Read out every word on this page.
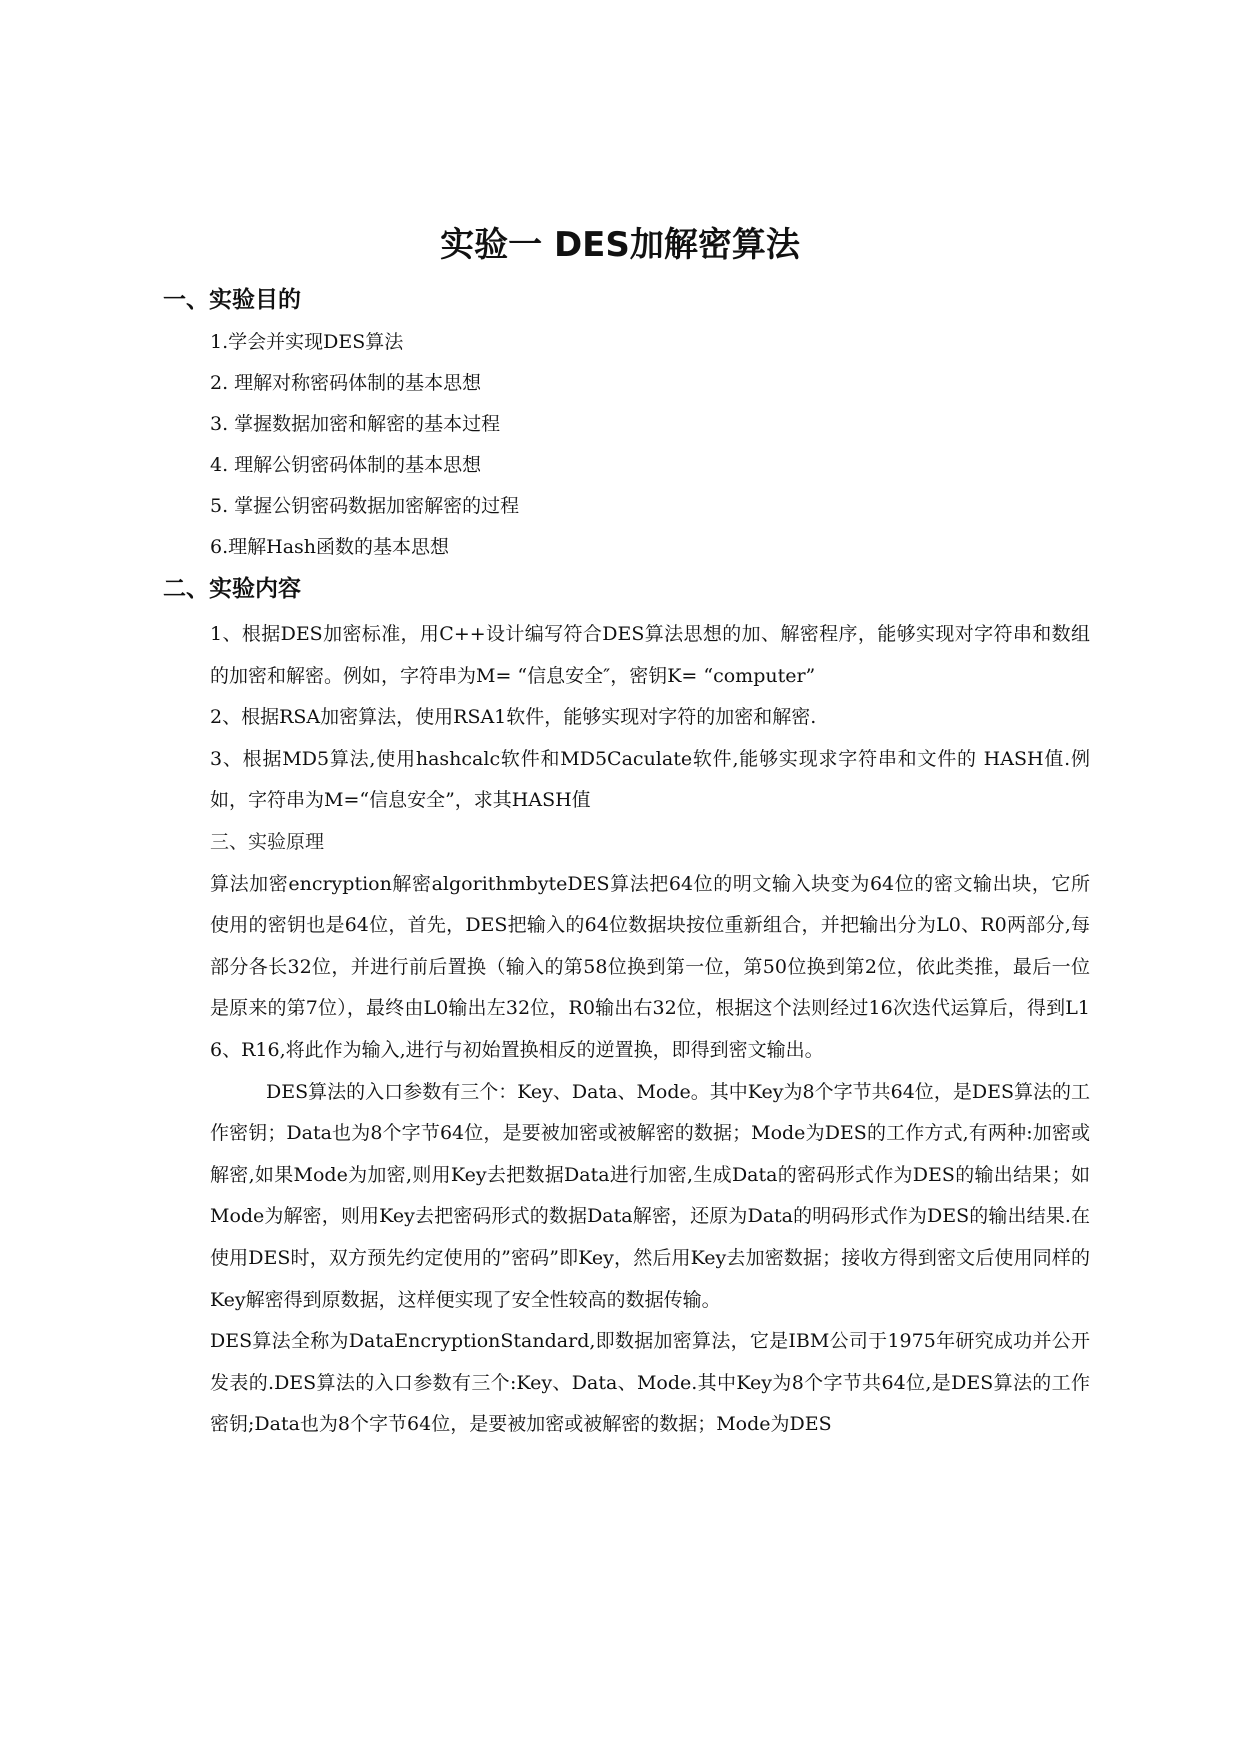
实验一 DES加解密算法
一、实验目的
1.学会并实现DES算法
2. 理解对称密码体制的基本思想
3. 掌握数据加密和解密的基本过程
4. 理解公钥密码体制的基本思想
5. 掌握公钥密码数据加密解密的过程
6.理解Hash函数的基本思想
二、实验内容

1、根据DES加密标准，用C++设计编写符合DES算法思想的加、解密程序，能够实现对字符串和数组的加密和解密。例如，字符串为M= “信息安全″，密钥K= “computer”

2、根据RSA加密算法，使用RSA1软件，能够实现对字符的加密和解密.

3、根据MD5算法,使用hashcalc软件和MD5Caculate软件,能够实现求字符串和文件的 HASH值.例如，字符串为M=“信息安全”，求其HASH值

三、实验原理

算法加密encryption解密algorithmbyteDES算法把64位的明文输入块变为64位的密文输出块，它所使用的密钥也是64位，首先，DES把输入的64位数据块按位重新组合，并把输出分为L0、R0两部分,每部分各长32位，并进行前后置换（输入的第58位换到第一位，第50位换到第2位，依此类推，最后一位是原来的第7位），最终由L0输出左32位，R0输出右32位，根据这个法则经过16次迭代运算后，得到L16、R16,将此作为输入,进行与初始置换相反的逆置换，即得到密文输出。

DES算法的入口参数有三个：Key、Data、Mode。其中Key为8个字节共64位，是DES算法的工作密钥；Data也为8个字节64位，是要被加密或被解密的数据；Mode为DES的工作方式,有两种:加密或解密,如果Mode为加密,则用Key去把数据Data进行加密,生成Data的密码形式作为DES的输出结果；如Mode为解密，则用Key去把密码形式的数据Data解密，还原为Data的明码形式作为DES的输出结果.在使用DES时，双方预先约定使用的”密码”即Key，然后用Key去加密数据；接收方得到密文后使用同样的Key解密得到原数据，这样便实现了安全性较高的数据传输。

DES算法全称为DataEncryptionStandard,即数据加密算法，它是IBM公司于1975年研究成功并公开发表的.DES算法的入口参数有三个:Key、Data、Mode.其中Key为8个字节共64位,是DES算法的工作密钥;Data也为8个字节64位，是要被加密或被解密的数据；Mode为DES
